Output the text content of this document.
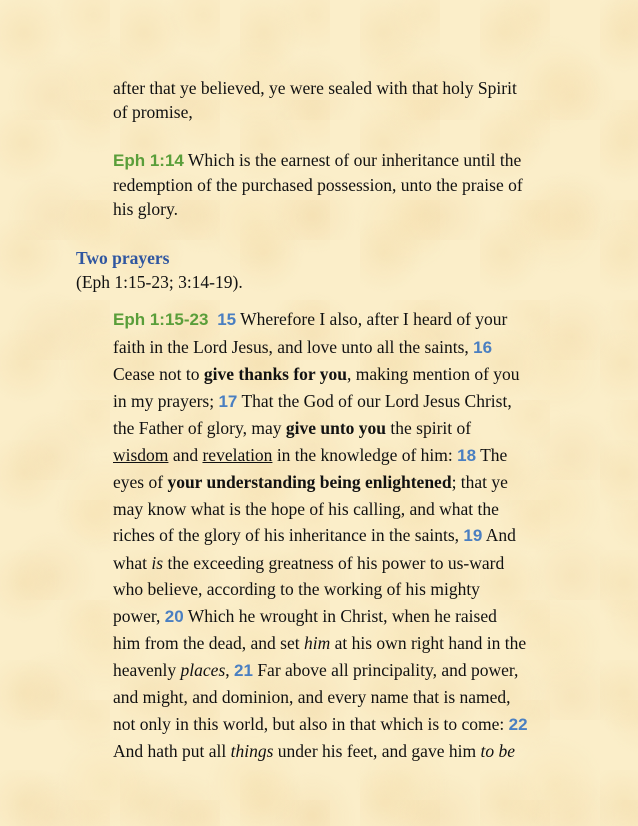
after that ye believed, ye were sealed with that holy Spirit
of promise,
Eph 1:14 Which is the earnest of our inheritance until the
redemption of the purchased possession, unto the praise of
his glory.
Two prayers
(Eph 1:15-23; 3:14-19).
Eph 1:15-23 15 Wherefore I also, after I heard of your
faith in the Lord Jesus, and love unto all the saints, 16
Cease not to give thanks for you, making mention of you
in my prayers; 17 That the God of our Lord Jesus Christ,
the Father of glory, may give unto you the spirit of
wisdom and revelation in the knowledge of him: 18 The
eyes of your understanding being enlightened; that ye
may know what is the hope of his calling, and what the
riches of the glory of his inheritance in the saints, 19 And
what is the exceeding greatness of his power to us-ward
who believe, according to the working of his mighty
power, 20 Which he wrought in Christ, when he raised
him from the dead, and set him at his own right hand in the
heavenly places, 21 Far above all principality, and power,
and might, and dominion, and every name that is named,
not only in this world, but also in that which is to come: 22
And hath put all things under his feet, and gave him to be
